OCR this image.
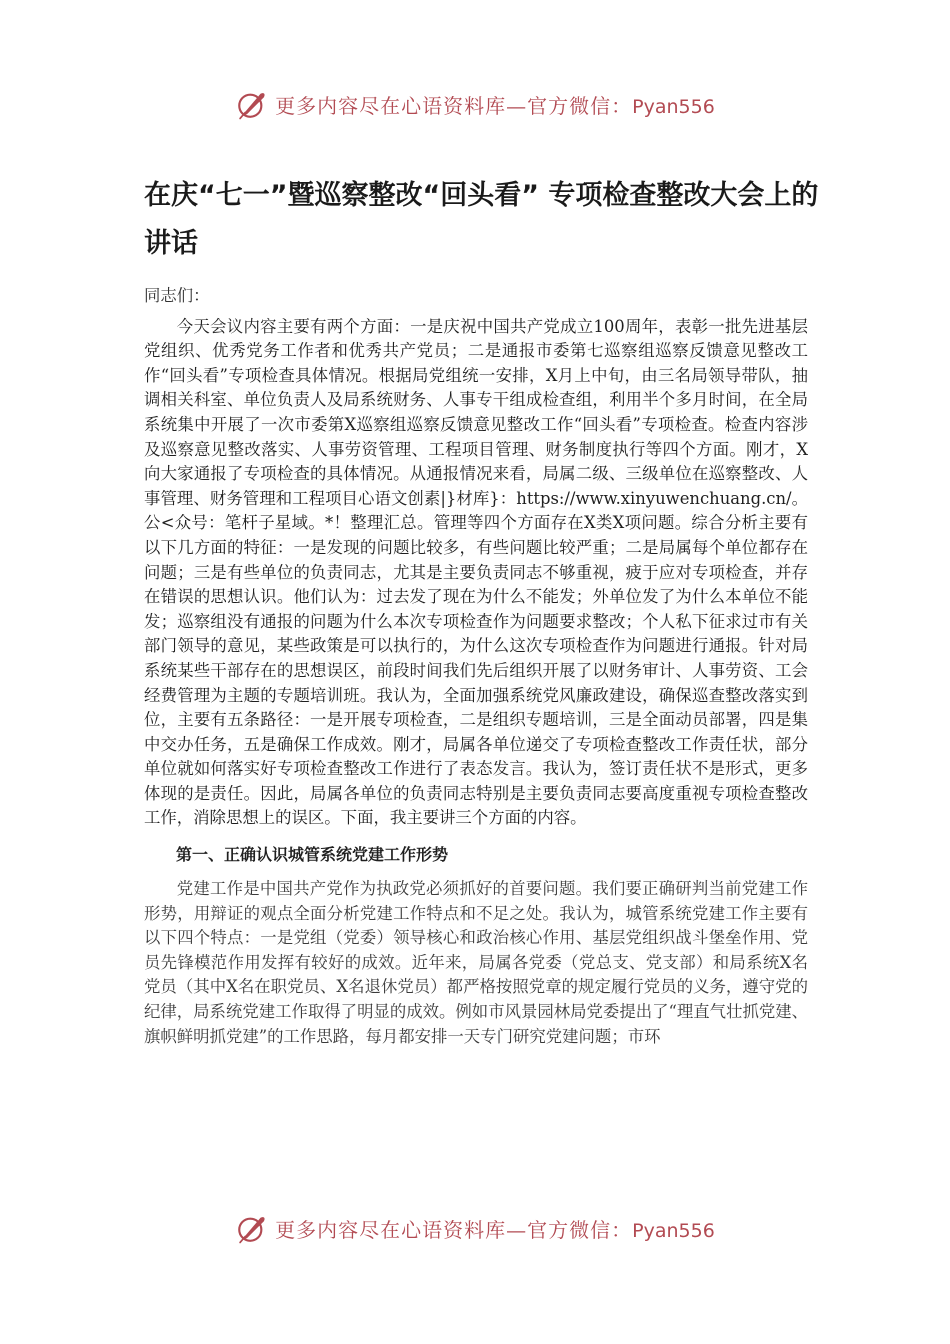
更多内容尽在心语资料库—官方微信：Pyan556
在庆“七一”暨巡察整改“回头看” 专项检查整改大会上的讲话

同志们：

今天会议内容主要有两个方面：一是庆祝中国共产党成立100周年，表彰一批先进基层党组织、优秀党务工作者和优秀共产党员；二是通报市委第七巡察组巡察反馈意见整改工作“回头看”专项检查具体情况。根据局党组统一安排，X月上中旬，由三名局领导带队，抽调相关科室、单位负责人及局系统财务、人事专干组成检查组，利用半个多月时间，在全局系统集中开展了一次市委第X巡察组巡察反馈意见整改工作“回头看”专项检查。检查内容涉及巡察意见整改落实、人事劳资管理、工程项目管理、财务制度执行等四个方面。刚才，X向大家通报了专项检查的具体情况。从通报情况来看，局属二级、三级单位在巡察整改、人事管理、财务管理和工程项目心语文创素|}材库}：https://www.xinyuwenchuang.cn/。公<众号：笔杆子星域。*！整理汇总。管理等四个方面存在X类X项问题。综合分析主要有以下几方面的特征：一是发现的问题比较多，有些问题比较严重；二是局属每个单位都存在问题；三是有些单位的负责同志，尤其是主要负责同志不够重视，疲于应对专项检查，并存在错误的思想认识。他们认为：过去发了现在为什么不能发；外单位发了为什么本单位不能发；巡察组没有通报的问题为什么本次专项检查作为问题要求整改；个人私下征求过市有关部门领导的意见，某些政策是可以执行的，为什么这次专项检查作为问题进行通报。针对局系统某些干部存在的思想误区，前段时间我们先后组织开展了以财务审计、人事劳资、工会经费管理为主题的专题培训班。我认为，全面加强系统党风廉政建设，确保巡查整改落实到位，主要有五条路径：一是开展专项检查，二是组织专题培训，三是全面动员部署，四是集中交办任务，五是确保工作成效。刚才，局属各单位递交了专项检查整改工作责任状，部分单位就如何落实好专项检查整改工作进行了表态发言。我认为，签订责任状不是形式，更多体现的是责任。因此，局属各单位的负责同志特别是主要负责同志要高度重视专项检查整改工作，消除思想上的误区。下面，我主要讲三个方面的内容。

第一、正确认识城管系统党建工作形势

党建工作是中国共产党作为执政党必须抓好的首要问题。我们要正确研判当前党建工作形势，用辩证的观点全面分析党建工作特点和不足之处。我认为，城管系统党建工作主要有以下四个特点：一是党组（党委）领导核心和政治核心作用、基层党组织战斗堡垒作用、党员先锋模范作用发挥有较好的成效。近年来，局属各党委（党总支、党支部）和局系统X名党员（其中X名在职党员、X名退休党员）都严格按照党章的规定履行党员的义务，遵守党的纪律，局系统党建工作取得了明显的成效。例如市风景园林局党委提出了“理直气壮抓党建、旗帜鲜明抓党建”的工作思路，每月都安排一天专门研究党建问题；市环

更多内容尽在心语资料库—官方微信：Pyan556
